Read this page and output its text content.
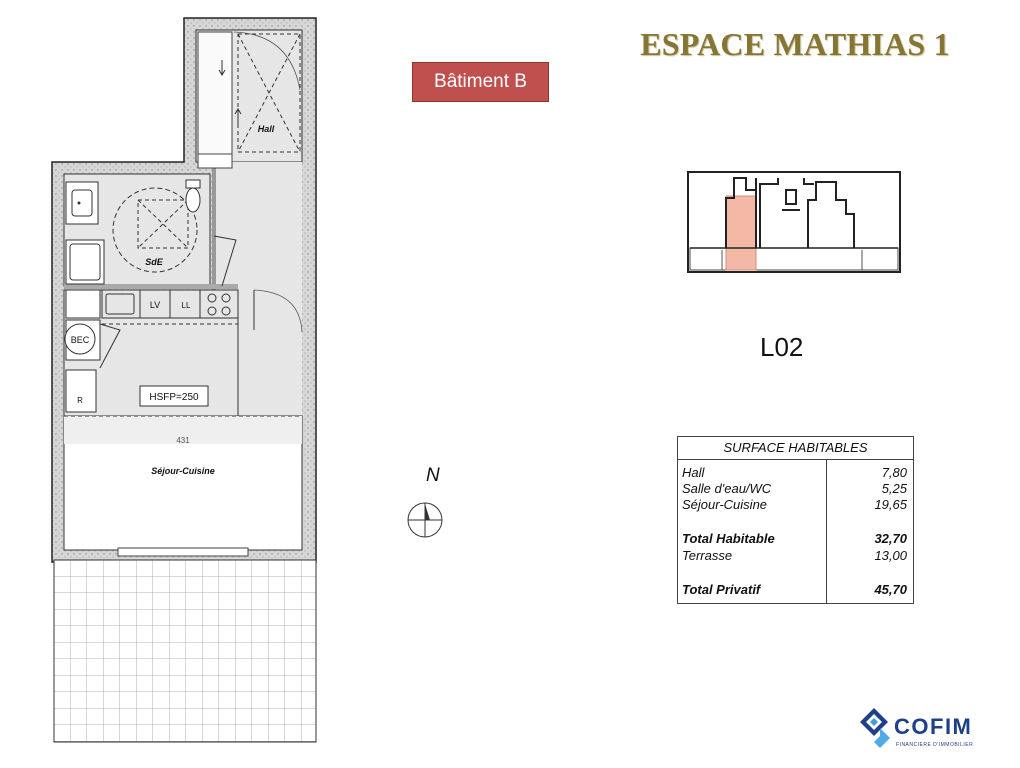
ESPACE MATHIAS 1
Bâtiment B
Hall
SdE
LV	LL
BEC
HSFP=250
R
431
Séjour-Cuisine
L02
N
SURFACE HABITABLES
Hall	7,80
Salle d'eau/WC	5,25
Séjour-Cuisine	19,65
Total Habitable	32,70
Terrasse	13,00
Total Privatif	45,70
COFIM
FINANCIERE D'IMMOBILIER
